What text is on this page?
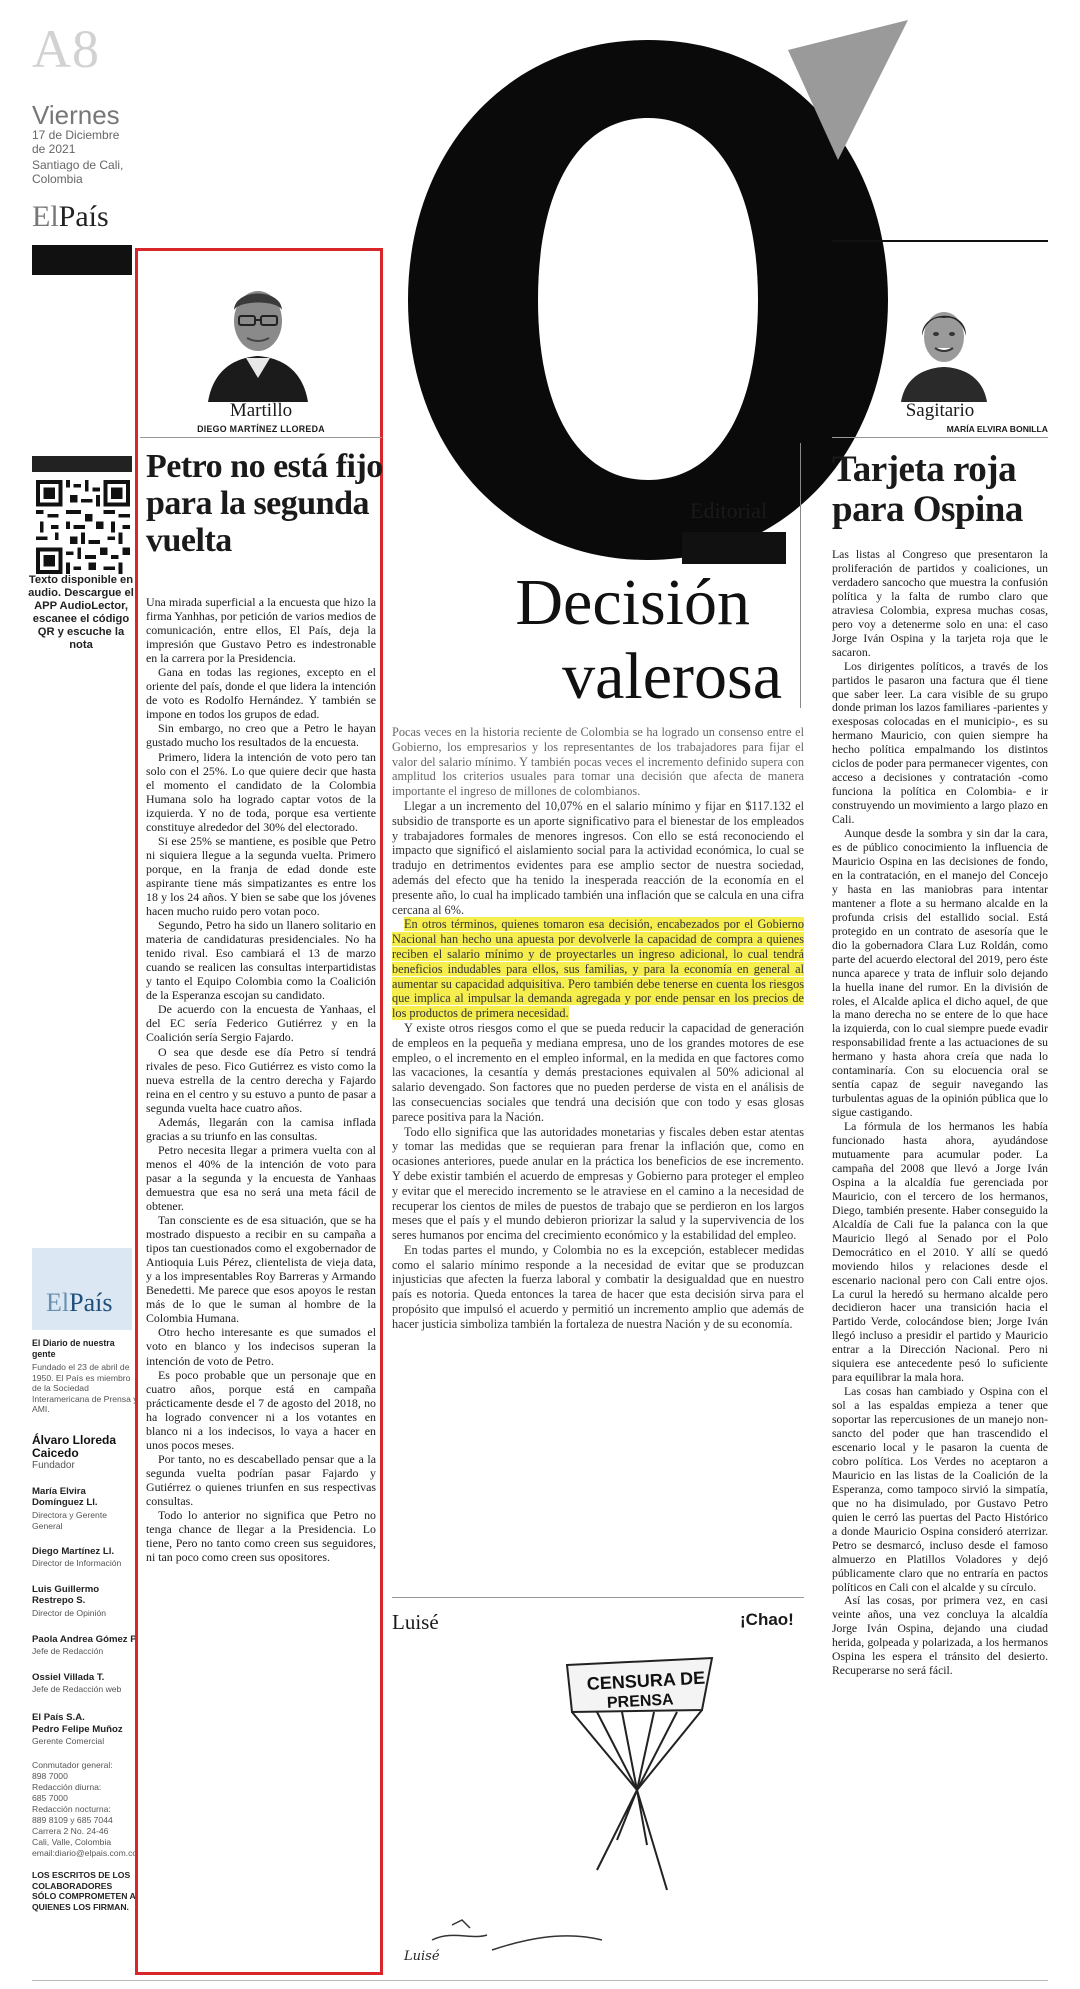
A8
Viernes
17 de Diciembre
de 2021
Santiago de Cali,
Colombia
ElPaís
Texto disponible en audio. Descargue el APP AudioLector, escanee el código QR y escuche la nota
ElPaís
El Diario de nuestra gente
Fundado el 23 de abril de 1950. El País es miembro de la Sociedad Interamericana de Prensa y AMI.
Álvaro Lloreda Caicedo
Fundador
María Elvira Domínguez Ll.
Directora y Gerente General
Diego Martínez Ll.
Director de Información
Luis Guillermo Restrepo S.
Director de Opinión
Paola Andrea Gómez P.
Jefe de Redacción
Ossiel Villada T.
Jefe de Redacción web
El País S.A.
Pedro Felipe Muñoz
Gerente Comercial
Conmutador general:
898 7000
Redacción diurna:
685 7000
Redacción nocturna:
889 8109 y 685 7044
Carrera 2 No. 24-46
Cali, Valle, Colombia
email:diario@elpais.com.co
LOS ESCRITOS DE LOS COLABORADORES SÓLO COMPROMETEN A QUIENES LOS FIRMAN.
Martillo
DIEGO MARTÍNEZ LLOREDA
Petro no está fijo para la segunda vuelta

Una mirada superficial a la encuesta que hizo la firma Yanhhas, por petición de varios medios de comunicación, entre ellos, El País, deja la impresión que Gustavo Petro es indestronable en la carrera por la Presidencia.

Gana en todas las regiones, excepto en el oriente del país, donde el que lidera la intención de voto es Rodolfo Hernández. Y también se impone en todos los grupos de edad.

Sin embargo, no creo que a Petro le hayan gustado mucho los resultados de la encuesta.

Primero, lidera la intención de voto pero tan solo con el 25%. Lo que quiere decir que hasta el momento el candidato de la Colombia Humana solo ha logrado captar votos de la izquierda. Y no de toda, porque esa vertiente constituye alrededor del 30% del electorado.

Si ese 25% se mantiene, es posible que Petro ni siquiera llegue a la segunda vuelta. Primero porque, en la franja de edad donde este aspirante tiene más simpatizantes es entre los 18 y los 24 años. Y bien se sabe que los jóvenes hacen mucho ruido pero votan poco.

Segundo, Petro ha sido un llanero solitario en materia de candidaturas presidenciales. No ha tenido rival. Eso cambiará el 13 de marzo cuando se realicen las consultas interpartidistas y tanto el Equipo Colombia como la Coalición de la Esperanza escojan su candidato.

De acuerdo con la encuesta de Yanhaas, el del EC sería Federico Gutiérrez y en la Coalición sería Sergio Fajardo.

O sea que desde ese día Petro sí tendrá rivales de peso. Fico Gutiérrez es visto como la nueva estrella de la centro derecha y Fajardo reina en el centro y su estuvo a punto de pasar a segunda vuelta hace cuatro años.

Además, llegarán con la camisa inflada gracias a su triunfo en las consultas.

Petro necesita llegar a primera vuelta con al menos el 40% de la intención de voto para pasar a la segunda y la encuesta de Yanhaas demuestra que esa no será una meta fácil de obtener.

Tan consciente es de esa situación, que se ha mostrado dispuesto a recibir en su campaña a tipos tan cuestionados como el exgobernador de Antioquia Luis Pérez, clientelista de vieja data, y a los impresentables Roy Barreras y Armando Benedetti. Me parece que esos apoyos le restan más de lo que le suman al hombre de la Colombia Humana.

Otro hecho interesante es que sumados el voto en blanco y los indecisos superan la intención de voto de Petro.

Es poco probable que un personaje que en cuatro años, porque está en campaña prácticamente desde el 7 de agosto del 2018, no ha logrado convencer ni a los votantes en blanco ni a los indecisos, lo vaya a hacer en unos pocos meses.

Por tanto, no es descabellado pensar que a la segunda vuelta podrían pasar Fajardo y Gutiérrez o quienes triunfen en sus respectivas consultas.

Todo lo anterior no significa que Petro no tenga chance de llegar a la Presidencia. Lo tiene, Pero no tanto como creen sus seguidores, ni tan poco como creen sus opositores.

Editorial
Decisión
valerosa

Pocas veces en la historia reciente de Colombia se ha logrado un consenso entre el Gobierno, los empresarios y los representantes de los trabajadores para fijar el valor del salario mínimo. Y también pocas veces el incremento definido supera con amplitud los criterios usuales para tomar una decisión que afecta de manera importante el ingreso de millones de colombianos.

Llegar a un incremento del 10,07% en el salario mínimo y fijar en $117.132 el subsidio de transporte es un aporte significativo para el bienestar de los empleados y trabajadores formales de menores ingresos. Con ello se está reconociendo el impacto que significó el aislamiento social para la actividad económica, lo cual se tradujo en detrimentos evidentes para ese amplio sector de nuestra sociedad, además del efecto que ha tenido la inesperada reacción de la economía en el presente año, lo cual ha implicado también una inflación que se calcula en una cifra cercana al 6%.

En otros términos, quienes tomaron esa decisión, encabezados por el Gobierno Nacional han hecho una apuesta por devolverle la capacidad de compra a quienes reciben el salario mínimo y de proyectarles un ingreso adicional, lo cual tendrá beneficios indudables para ellos, sus familias, y para la economía en general al aumentar su capacidad adquisitiva. Pero también debe tenerse en cuenta los riesgos que implica al impulsar la demanda agregada y por ende pensar en los precios de los productos de primera necesidad.

Y existe otros riesgos como el que se pueda reducir la capacidad de generación de empleos en la pequeña y mediana empresa, uno de los grandes motores de ese empleo, o el incremento en el empleo informal, en la medida en que factores como las vacaciones, la cesantía y demás prestaciones equivalen al 50% adicional al salario devengado. Son factores que no pueden perderse de vista en el análisis de las consecuencias sociales que tendrá una decisión que con todo y esas glosas parece positiva para la Nación.

Todo ello significa que las autoridades monetarias y fiscales deben estar atentas y tomar las medidas que se requieran para frenar la inflación que, como en ocasiones anteriores, puede anular en la práctica los beneficios de ese incremento. Y debe existir también el acuerdo de empresas y Gobierno para proteger el empleo y evitar que el merecido incremento se le atraviese en el camino a la necesidad de recuperar los cientos de miles de puestos de trabajo que se perdieron en los largos meses que el país y el mundo debieron priorizar la salud y la supervivencia de los seres humanos por encima del crecimiento económico y la estabilidad del empleo.

En todas partes el mundo, y Colombia no es la excepción, establecer medidas como el salario mínimo responde a la necesidad de evitar que se produzcan injusticias que afecten la fuerza laboral y combatir la desigualdad que en nuestro país es notoria. Queda entonces la tarea de hacer que esta decisión sirva para el propósito que impulsó el acuerdo y permitió un incremento amplio que además de hacer justicia simboliza también la fortaleza de nuestra Nación y de su economía.

Luisé	¡Chao!
CENSURA DE
PRENSA
Luisé
Sagitario
MARÍA ELVIRA BONILLA
Tarjeta roja para Ospina

Las listas al Congreso que presentaron la proliferación de partidos y coaliciones, un verdadero sancocho que muestra la confusión política y la falta de rumbo claro que atraviesa Colombia, expresa muchas cosas, pero voy a detenerme solo en una: el caso Jorge Iván Ospina y la tarjeta roja que le sacaron.

Los dirigentes políticos, a través de los partidos le pasaron una factura que él tiene que saber leer. La cara visible de su grupo donde priman los lazos familiares -parientes y exesposas colocadas en el municipio-, es su hermano Mauricio, con quien siempre ha hecho política empalmando los distintos ciclos de poder para permanecer vigentes, con acceso a decisiones y contratación -como funciona la política en Colombia- e ir construyendo un movimiento a largo plazo en Cali.

Aunque desde la sombra y sin dar la cara, es de público conocimiento la influencia de Mauricio Ospina en las decisiones de fondo, en la contratación, en el manejo del Concejo y hasta en las maniobras para intentar mantener a flote a su hermano alcalde en la profunda crisis del estallido social. Está protegido en un contrato de asesoría que le dio la gobernadora Clara Luz Roldán, como parte del acuerdo electoral del 2019, pero éste nunca aparece y trata de influir solo dejando la huella inane del rumor. En la división de roles, el Alcalde aplica el dicho aquel, de que la mano derecha no se entere de lo que hace la izquierda, con lo cual siempre puede evadir responsabilidad frente a las actuaciones de su hermano y hasta ahora creía que nada lo contaminaría. Con su elocuencia oral se sentía capaz de seguir navegando las turbulentas aguas de la opinión pública que lo sigue castigando.

La fórmula de los hermanos les había funcionado hasta ahora, ayudándose mutuamente para acumular poder. La campaña del 2008 que llevó a Jorge Iván Ospina a la alcaldía fue gerenciada por Mauricio, con el tercero de los hermanos, Diego, también presente. Haber conseguido la Alcaldía de Cali fue la palanca con la que Mauricio llegó al Senado por el Polo Democrático en el 2010. Y allí se quedó moviendo hilos y relaciones desde el escenario nacional pero con Cali entre ojos. La curul la heredó su hermano alcalde pero decidieron hacer una transición hacia el Partido Verde, colocándose bien; Jorge Iván llegó incluso a presidir el partido y Mauricio entrar a la Dirección Nacional. Pero ni siquiera ese antecedente pesó lo suficiente para equilibrar la mala hora.

Las cosas han cambiado y Ospina con el sol a las espaldas empieza a tener que soportar las repercusiones de un manejo non-sancto del poder que han trascendido el escenario local y le pasaron la cuenta de cobro política. Los Verdes no aceptaron a Mauricio en las listas de la Coalición de la Esperanza, como tampoco sirvió la simpatía, que no ha disimulado, por Gustavo Petro quien le cerró las puertas del Pacto Histórico a donde Mauricio Ospina consideró aterrizar. Petro se desmarcó, incluso desde el famoso almuerzo en Platillos Voladores y dejó públicamente claro que no entraría en pactos políticos en Cali con el alcalde y su círculo.

Así las cosas, por primera vez, en casi veinte años, una vez concluya la alcaldía Jorge Iván Ospina, dejando una ciudad herida, golpeada y polarizada, a los hermanos Ospina les espera el tránsito del desierto. Recuperarse no será fácil.
